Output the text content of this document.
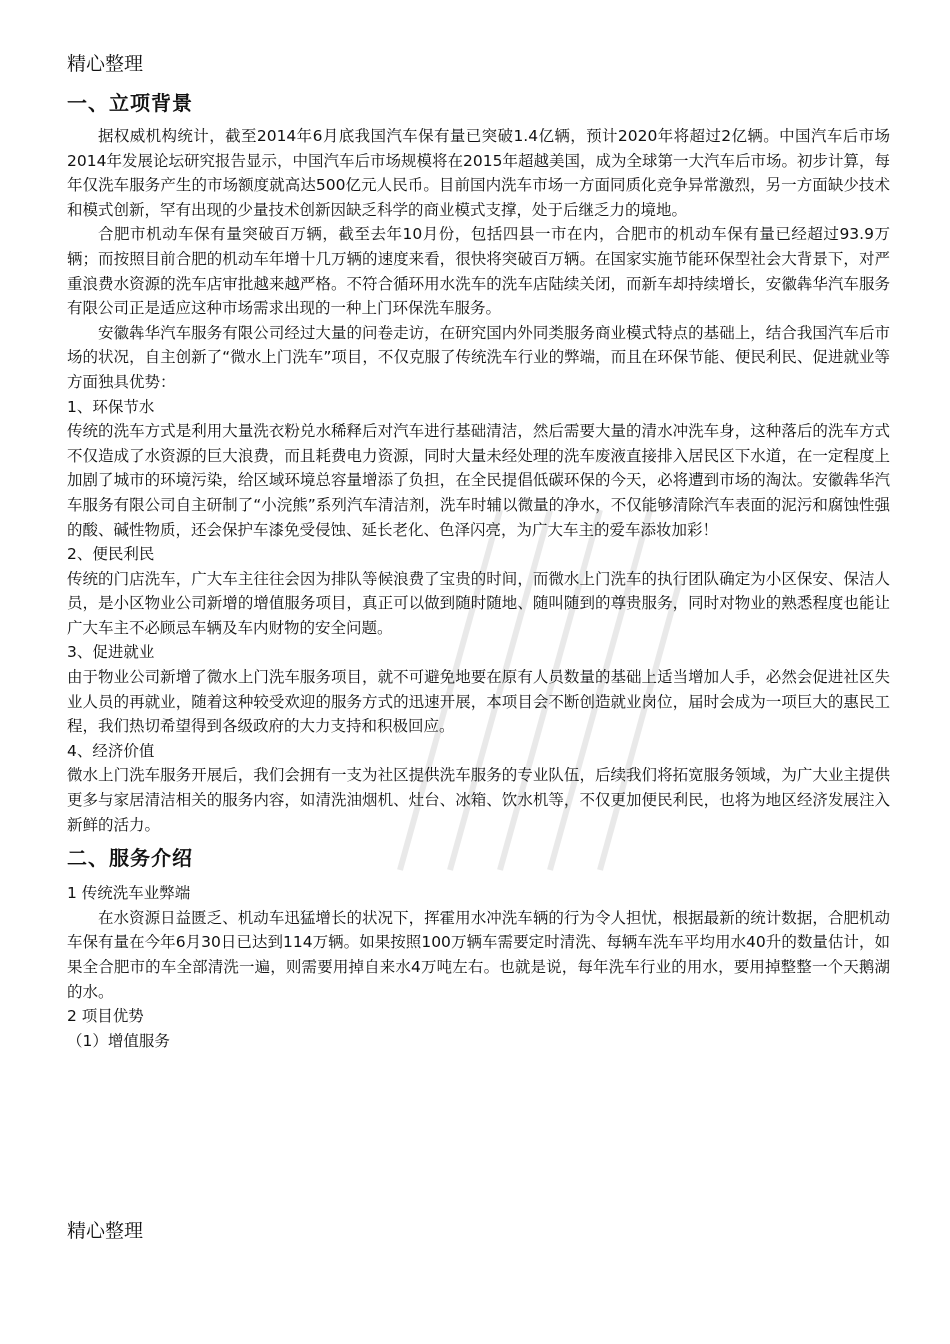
精心整理
一、立项背景

据权威机构统计，截至2014年6月底我国汽车保有量已突破1.4亿辆，预计2020年将超过2亿辆。中国汽车后市场2014年发展论坛研究报告显示，中国汽车后市场规模将在2015年超越美国，成为全球第一大汽车后市场。初步计算，每年仅洗车服务产生的市场额度就高达500亿元人民币。目前国内洗车市场一方面同质化竞争异常激烈，另一方面缺少技术和模式创新，罕有出现的少量技术创新因缺乏科学的商业模式支撑，处于后继乏力的境地。

合肥市机动车保有量突破百万辆，截至去年10月份，包括四县一市在内，合肥市的机动车保有量已经超过93.9万辆；而按照目前合肥的机动车年增十几万辆的速度来看，很快将突破百万辆。在国家实施节能环保型社会大背景下，对严重浪费水资源的洗车店审批越来越严格。不符合循环用水洗车的洗车店陆续关闭，而新车却持续增长，安徽犇华汽车服务有限公司正是适应这种市场需求出现的一种上门环保洗车服务。

安徽犇华汽车服务有限公司经过大量的问卷走访，在研究国内外同类服务商业模式特点的基础上，结合我国汽车后市场的状况，自主创新了“微水上门洗车”项目，不仅克服了传统洗车行业的弊端，而且在环保节能、便民利民、促进就业等方面独具优势：

1、环保节水

传统的洗车方式是利用大量洗衣粉兑水稀释后对汽车进行基础清洁，然后需要大量的清水冲洗车身，这种落后的洗车方式不仅造成了水资源的巨大浪费，而且耗费电力资源，同时大量未经处理的洗车废液直接排入居民区下水道，在一定程度上加剧了城市的环境污染，给区域环境总容量增添了负担，在全民提倡低碳环保的今天，必将遭到市场的淘汰。安徽犇华汽车服务有限公司自主研制了“小浣熊”系列汽车清洁剂，洗车时辅以微量的净水，不仅能够清除汽车表面的泥污和腐蚀性强的酸、碱性物质，还会保护车漆免受侵蚀、延长老化、色泽闪亮，为广大车主的爱车添妆加彩！

2、便民利民

传统的门店洗车，广大车主往往会因为排队等候浪费了宝贵的时间，而微水上门洗车的执行团队确定为小区保安、保洁人员，是小区物业公司新增的增值服务项目，真正可以做到随时随地、随叫随到的尊贵服务，同时对物业的熟悉程度也能让广大车主不必顾忌车辆及车内财物的安全问题。

3、促进就业

由于物业公司新增了微水上门洗车服务项目，就不可避免地要在原有人员数量的基础上适当增加人手，必然会促进社区失业人员的再就业，随着这种较受欢迎的服务方式的迅速开展，本项目会不断创造就业岗位，届时会成为一项巨大的惠民工程，我们热切希望得到各级政府的大力支持和积极回应。

4、经济价值

微水上门洗车服务开展后，我们会拥有一支为社区提供洗车服务的专业队伍，后续我们将拓宽服务领域，为广大业主提供更多与家居清洁相关的服务内容，如清洗油烟机、灶台、冰箱、饮水机等，不仅更加便民利民，也将为地区经济发展注入新鲜的活力。

二、服务介绍

1 传统洗车业弊端

在水资源日益匮乏、机动车迅猛增长的状况下，挥霍用水冲洗车辆的行为令人担忧，根据最新的统计数据，合肥机动车保有量在今年6月30日已达到114万辆。如果按照100万辆车需要定时清洗、每辆车洗车平均用水40升的数量估计，如果全合肥市的车全部清洗一遍，则需要用掉自来水4万吨左右。也就是说，每年洗车行业的用水，要用掉整整一个天鹅湖的水。

2 项目优势

（1）增值服务

精心整理
